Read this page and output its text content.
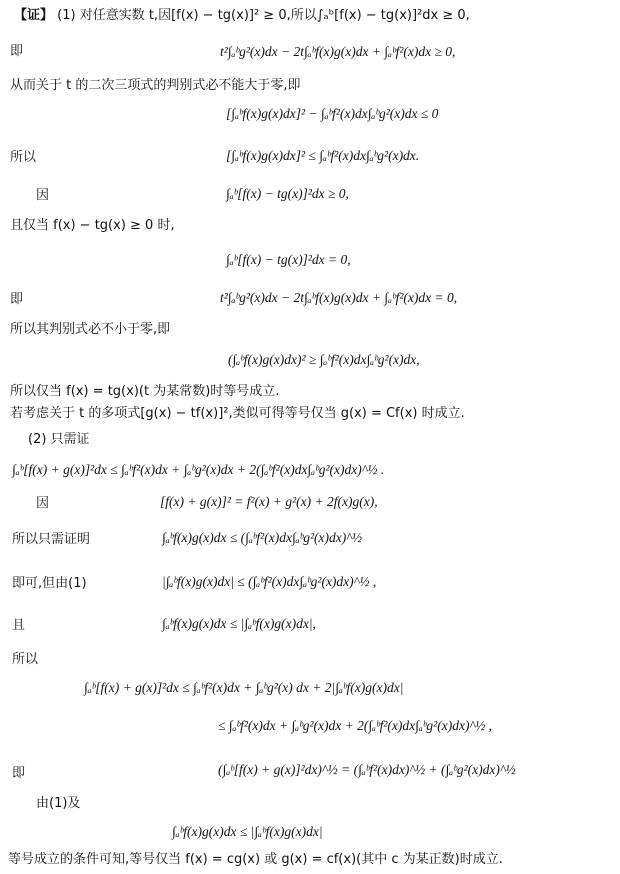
【证】 (1) 对任意实数 t,因[f(x) − tg(x)]² ≥ 0,所以∫ₐᵇ[f(x) − tg(x)]²dx ≥ 0,
即	t²∫ₐᵇg²(x)dx − 2t∫ₐᵇf(x)g(x)dx + ∫ₐᵇf²(x)dx ≥ 0,
从而关于 t 的二次三项式的判别式必不能大于零,即
[∫ₐᵇf(x)g(x)dx]² − ∫ₐᵇf²(x)dx∫ₐᵇg²(x)dx ≤ 0
所以	[∫ₐᵇf(x)g(x)dx]² ≤ ∫ₐᵇf²(x)dx∫ₐᵇg²(x)dx.
因	∫ₐᵇ[f(x) − tg(x)]²dx ≥ 0,
且仅当 f(x) − tg(x) ≥ 0 时,
∫ₐᵇ[f(x) − tg(x)]²dx = 0,
即	t²∫ₐᵇg²(x)dx − 2t∫ₐᵇf(x)g(x)dx + ∫ₐᵇf²(x)dx = 0,
所以其判别式必不小于零,即
(∫ₐᵇf(x)g(x)dx)² ≥ ∫ₐᵇf²(x)dx∫ₐᵇg²(x)dx,
所以仅当 f(x) = tg(x)(t 为某常数)时等号成立.
若考虑关于 t 的多项式[g(x) − tf(x)]²,类似可得等号仅当 g(x) = Cf(x) 时成立.
(2) 只需证
∫ₐᵇ[f(x) + g(x)]²dx ≤ ∫ₐᵇf²(x)dx + ∫ₐᵇg²(x)dx + 2(∫ₐᵇf²(x)dx∫ₐᵇg²(x)dx)^½ .
因	[f(x) + g(x)]² = f²(x) + g²(x) + 2f(x)g(x),
所以只需证明	∫ₐᵇf(x)g(x)dx ≤ (∫ₐᵇf²(x)dx∫ₐᵇg²(x)dx)^½
即可,但由(1)	|∫ₐᵇf(x)g(x)dx| ≤ (∫ₐᵇf²(x)dx∫ₐᵇg²(x)dx)^½ ,
且	∫ₐᵇf(x)g(x)dx ≤ |∫ₐᵇf(x)g(x)dx|,
所以
∫ₐᵇ[f(x) + g(x)]²dx ≤ ∫ₐᵇf²(x)dx + ∫ₐᵇg²(x) dx + 2|∫ₐᵇf(x)g(x)dx|
≤ ∫ₐᵇf²(x)dx + ∫ₐᵇg²(x)dx + 2(∫ₐᵇf²(x)dx∫ₐᵇg²(x)dx)^½ ,
即	(∫ₐᵇ[f(x) + g(x)]²dx)^½ = (∫ₐᵇf²(x)dx)^½ + (∫ₐᵇg²(x)dx)^½
由(1)及
∫ₐᵇf(x)g(x)dx ≤ |∫ₐᵇf(x)g(x)dx|
等号成立的条件可知,等号仅当 f(x) = cg(x) 或 g(x) = cf(x)(其中 c 为某正数)时成立.
